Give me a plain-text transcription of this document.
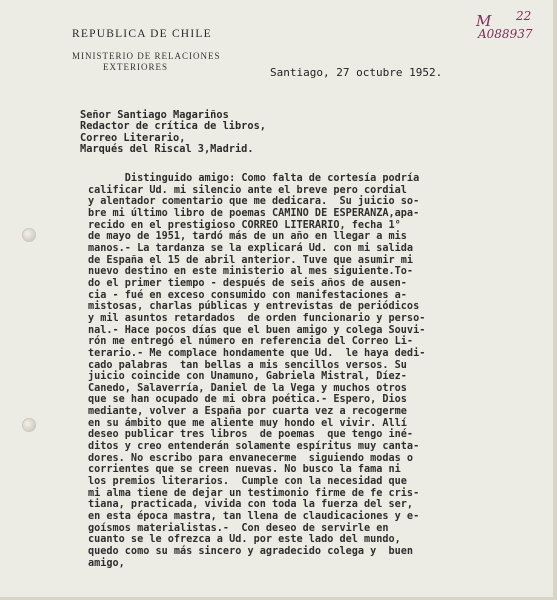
M 22
A088937
REPUBLICA DE CHILE
MINISTERIO DE RELACIONES
EXTERIORES	Santiago, 27 octubre 1952.
Señor Santiago Magariños
Redactor de crítica de libros,
Correo Literario,
Marqués del Riscal 3,Madrid.
Distinguido amigo: Como falta de cortesía podría
calificar Ud. mi silencio ante el breve pero cordial
y alentador comentario que me dedicara.  Su juicio so-
bre mi último libro de poemas CAMINO DE ESPERANZA,apa-
recido en el prestigioso CORREO LITERARIO, fecha 1°
de mayo de 1951, tardó más de un año en llegar a mis
manos.- La tardanza se la explicará Ud. con mi salida
de España el 15 de abril anterior. Tuve que asumir mi
nuevo destino en este ministerio al mes siguiente.To-
do el primer tiempo - después de seis años de ausen-
cia - fué en exceso consumido con manifestaciones a-
mistosas, charlas públicas y entrevistas de periódicos
y mil asuntos retardados  de orden funcionario y perso-
nal.- Hace pocos días que el buen amigo y colega Souvi-
rón me entregó el número en referencia del Correo Li-
terario.- Me complace hondamente que Ud.  le haya dedi-
cado palabras  tan bellas a mis sencillos versos. Su
juicio coincide con Unamuno, Gabriela Mistral, Díez-
Canedo, Salaverría, Daniel de la Vega y muchos otros
que se han ocupado de mi obra poética.- Espero, Dios
mediante, volver a España por cuarta vez a recogerme
en su ámbito que me aliente muy hondo el vivir. Allí
deseo publicar tres libros  de poemas  que tengo iné-
ditos y creo entenderán solamente espíritus muy canta-
dores. No escribo para envanecerme  siguiendo modas o
corrientes que se creen nuevas. No busco la fama ni
los premios literarios.  Cumple con la necesidad que
mi alma tiene de dejar un testimonio firme de fe cris-
tiana, practicada, vivida con toda la fuerza del ser,
en esta época mastra, tan llena de claudicaciones y e-
goísmos materialistas.-  Con deseo de servirle en
cuanto se le ofrezca a Ud. por este lado del mundo,
quedo como su más sincero y agradecido colega y  buen
amigo,
